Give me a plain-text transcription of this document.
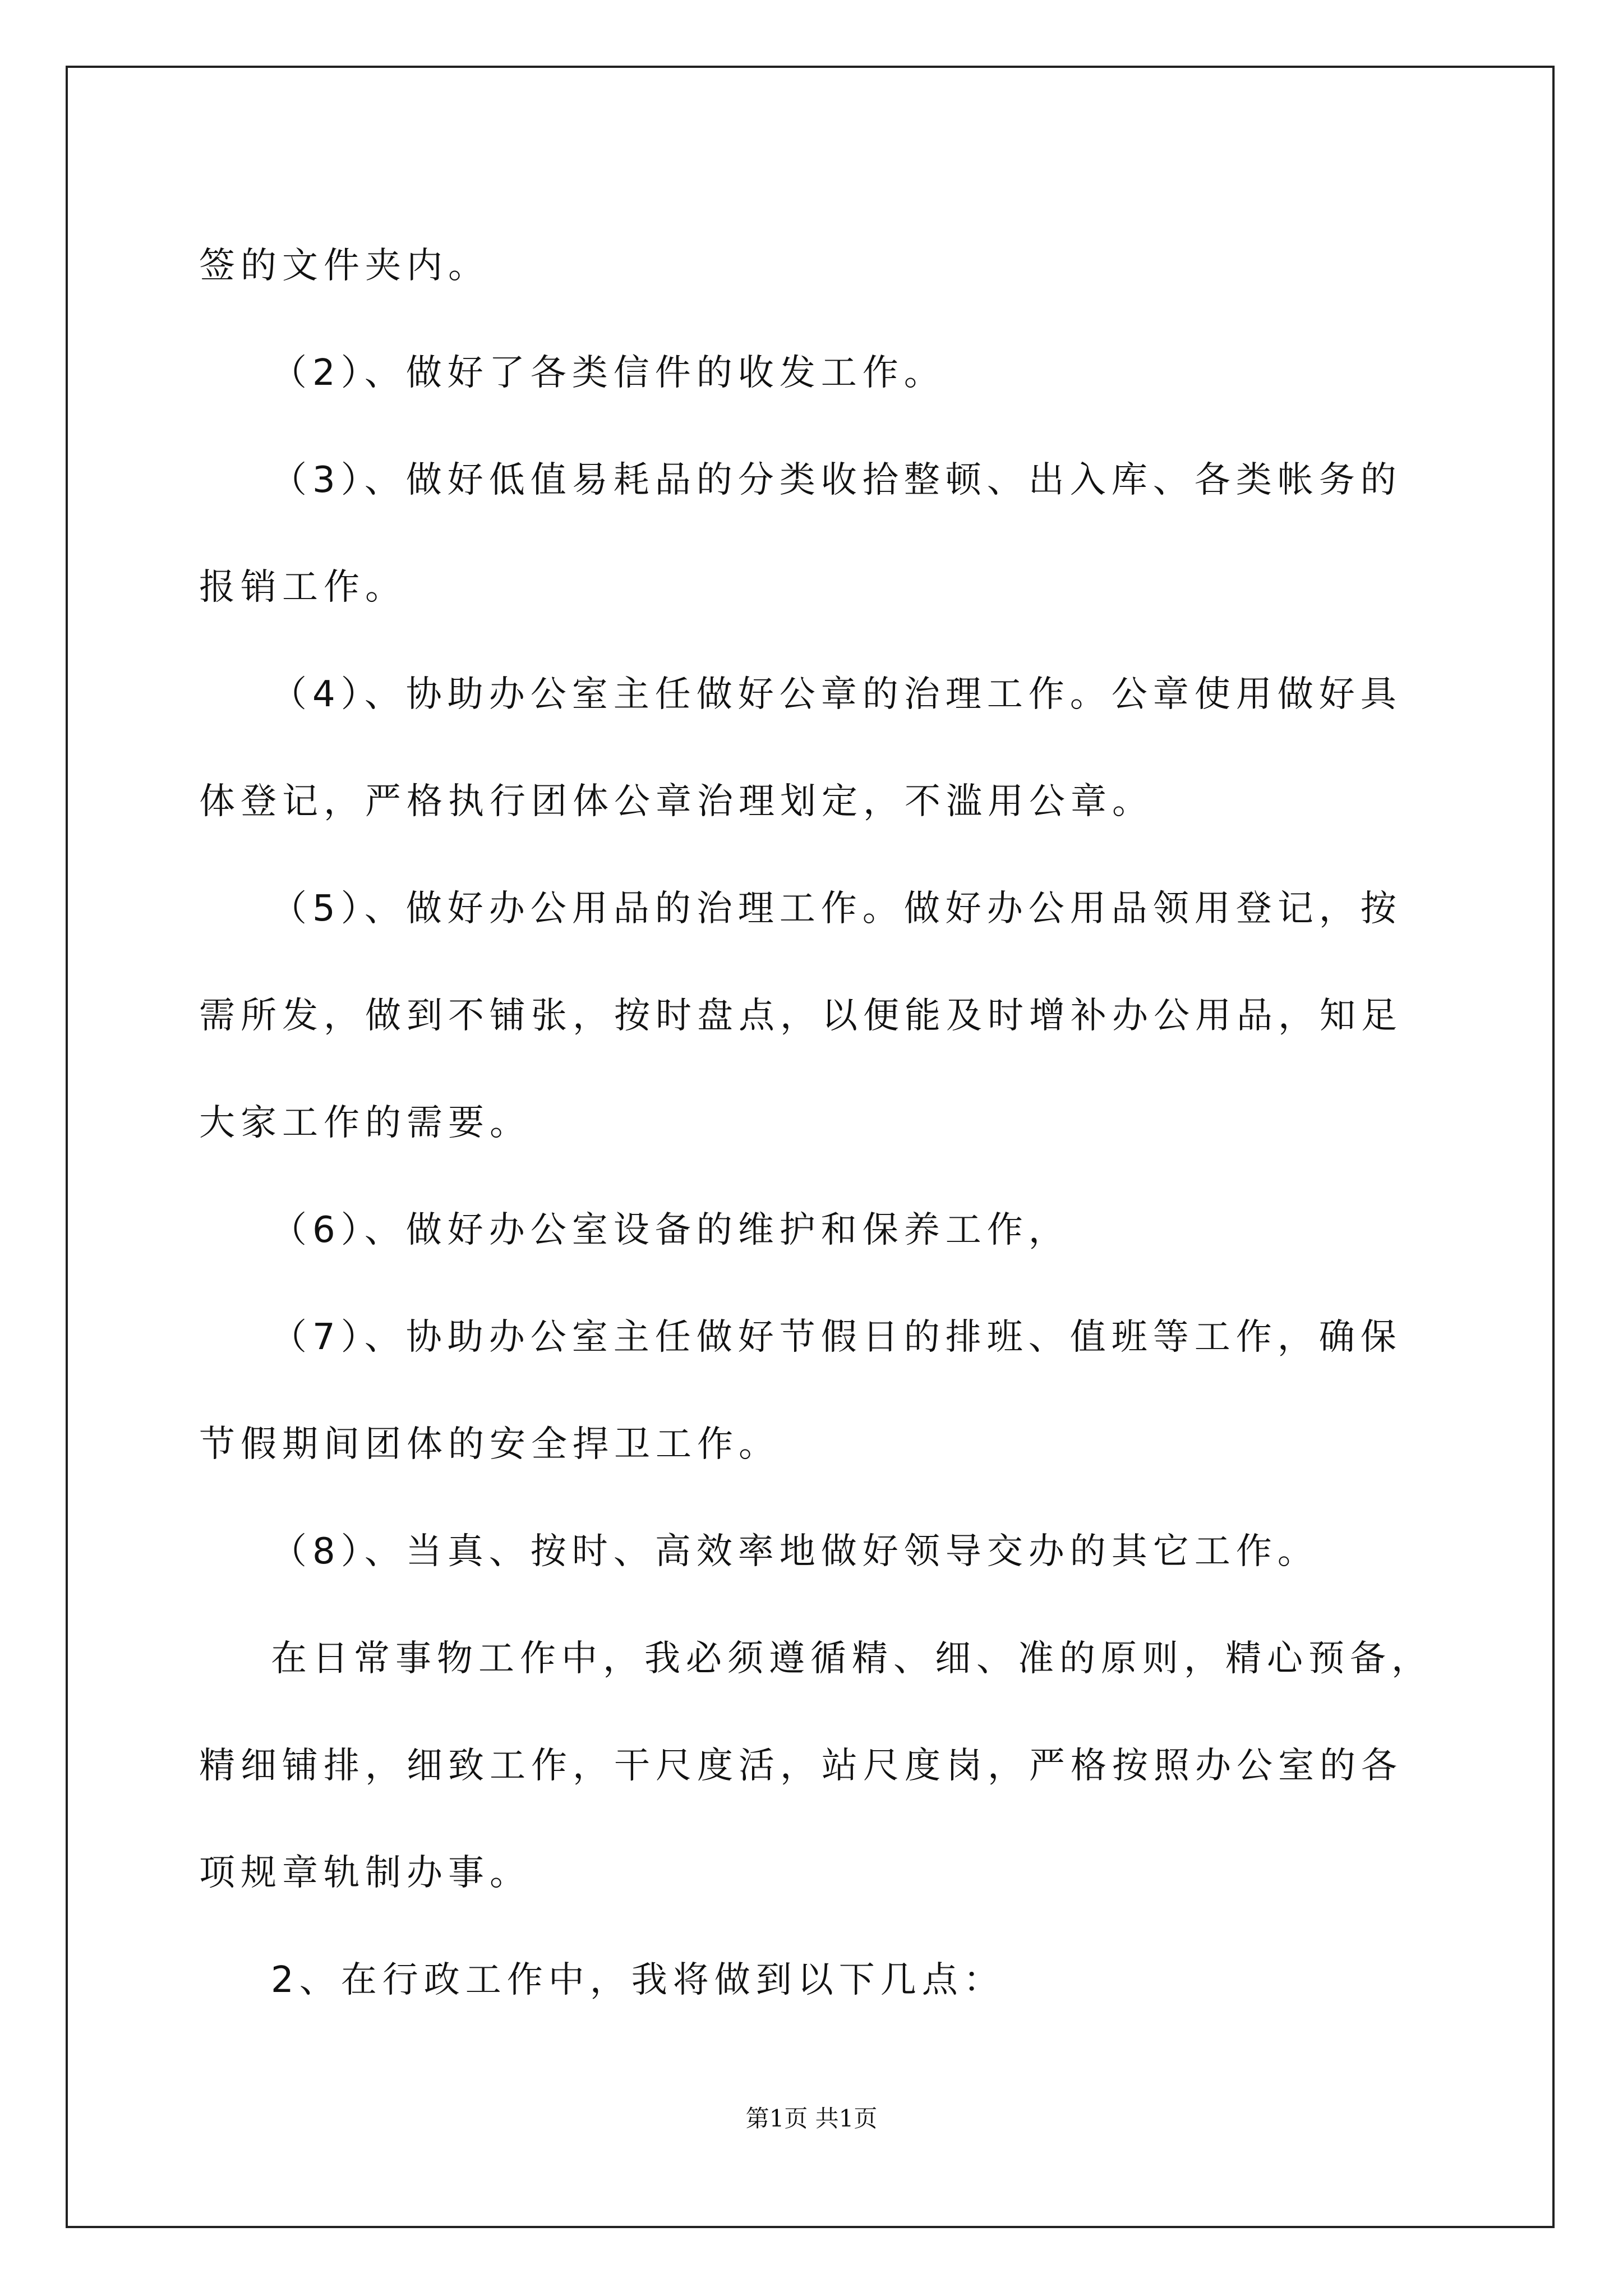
签的文件夹内。

（2）、做好了各类信件的收发工作。

（3）、做好低值易耗品的分类收拾整顿、出入库、各类帐务的报销工作。

（4）、协助办公室主任做好公章的治理工作。公章使用做好具体登记，严格执行团体公章治理划定，不滥用公章。

（5）、做好办公用品的治理工作。做好办公用品领用登记，按需所发，做到不铺张，按时盘点，以便能及时增补办公用品，知足大家工作的需要。

（6）、做好办公室设备的维护和保养工作，

（7）、协助办公室主任做好节假日的排班、值班等工作，确保节假期间团体的安全捍卫工作。

（8）、当真、按时、高效率地做好领导交办的其它工作。

在日常事物工作中，我必须遵循精、细、准的原则，精心预备，精细铺排，细致工作，干尺度活，站尺度岗，严格按照办公室的各项规章轨制办事。

2、在行政工作中，我将做到以下几点：

第1页 共1页
